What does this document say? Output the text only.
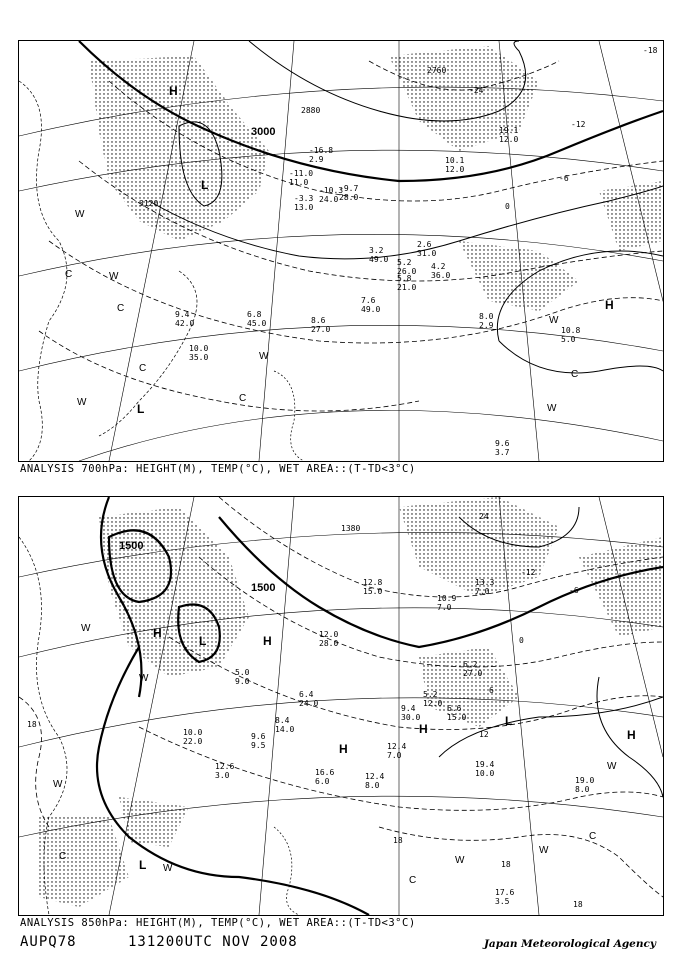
3000
2880
3120
2760
-18
-12
-6
0
-24
H
L
H
L
W
W
W
W
W
W
C
C
C
C
C
-16.8
2.9
-9.7
28.0
-11.0
11.0
-10.3
24.0
-3.3
13.0
3.2
49.0 5.2
26.0
2.6
31.0
5.8
21.0
4.2
36.0
8.0
2.9
10.8
5.0
9.6
3.7
7.6
49.0
6.8
45.0
10.0
35.0
9.4
42.0	8.6
27.0
10.1
12.0
19.1
12.0
ANALYSIS 700hPa: HEIGHT(M), TEMP(°C), WET AREA::(T-TD<3°C)
1500
1500
1380
-6
0
6
12
18
18
18
18
24
-12
H
L	H
H
H
L
H
L
W
W
W
W
W
W
W
C
C
C
12.0
28.0
12.8
15.0
13.3
7.0
10.9
7.0
5.0
9.0
6.4
24.0
8.4
14.0
12.4
7.0
12.4
8.0
19.4
10.0
19.0
8.0
17.6
3.5
16.6
6.0
9.6
9.5
10.0
22.0
12.6
3.0
6.2
27.0
5.2
12.0
6.6
15.0
9.4
30.0
ANALYSIS 850hPa: HEIGHT(M), TEMP(°C), WET AREA::(T-TD<3°C)
AUPQ78	131200UTC NOV 2008	Japan Meteorological Agency
